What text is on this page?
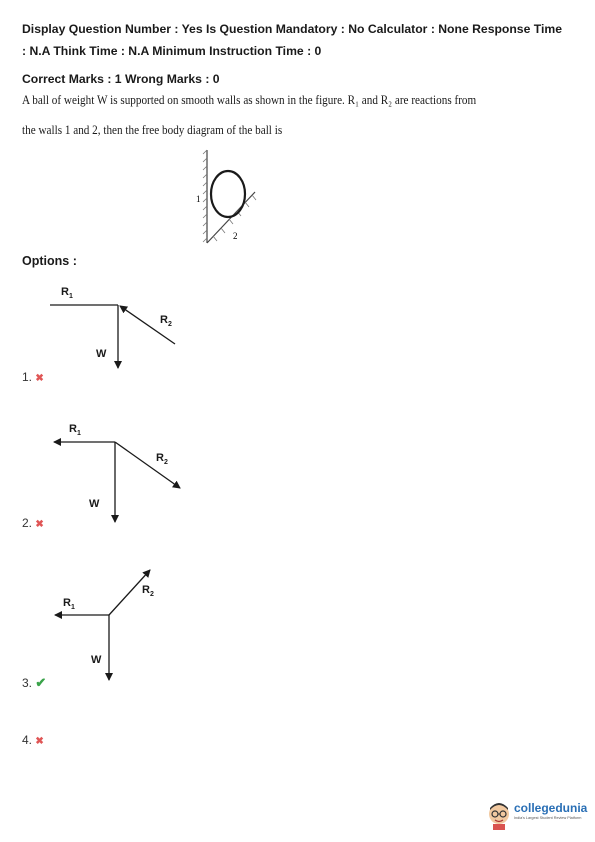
Display Question Number : Yes Is Question Mandatory : No Calculator : None Response Time
: N.A Think Time : N.A Minimum Instruction Time : 0
Correct Marks : 1 Wrong Marks : 0
A ball of weight W is supported on smooth walls as shown in the figure. R₁ and R₂ are reactions from
the walls 1 and 2, then the free body diagram of the ball is
1
2
$R_1$
$R_2$
W
$R_1$
$R_2$
W
$R_1$
$R_2$
W
Options :
1. ✖
2. ✖
3. ✔
4. ✖
collegedunia
India's Largest Student Review Platform
